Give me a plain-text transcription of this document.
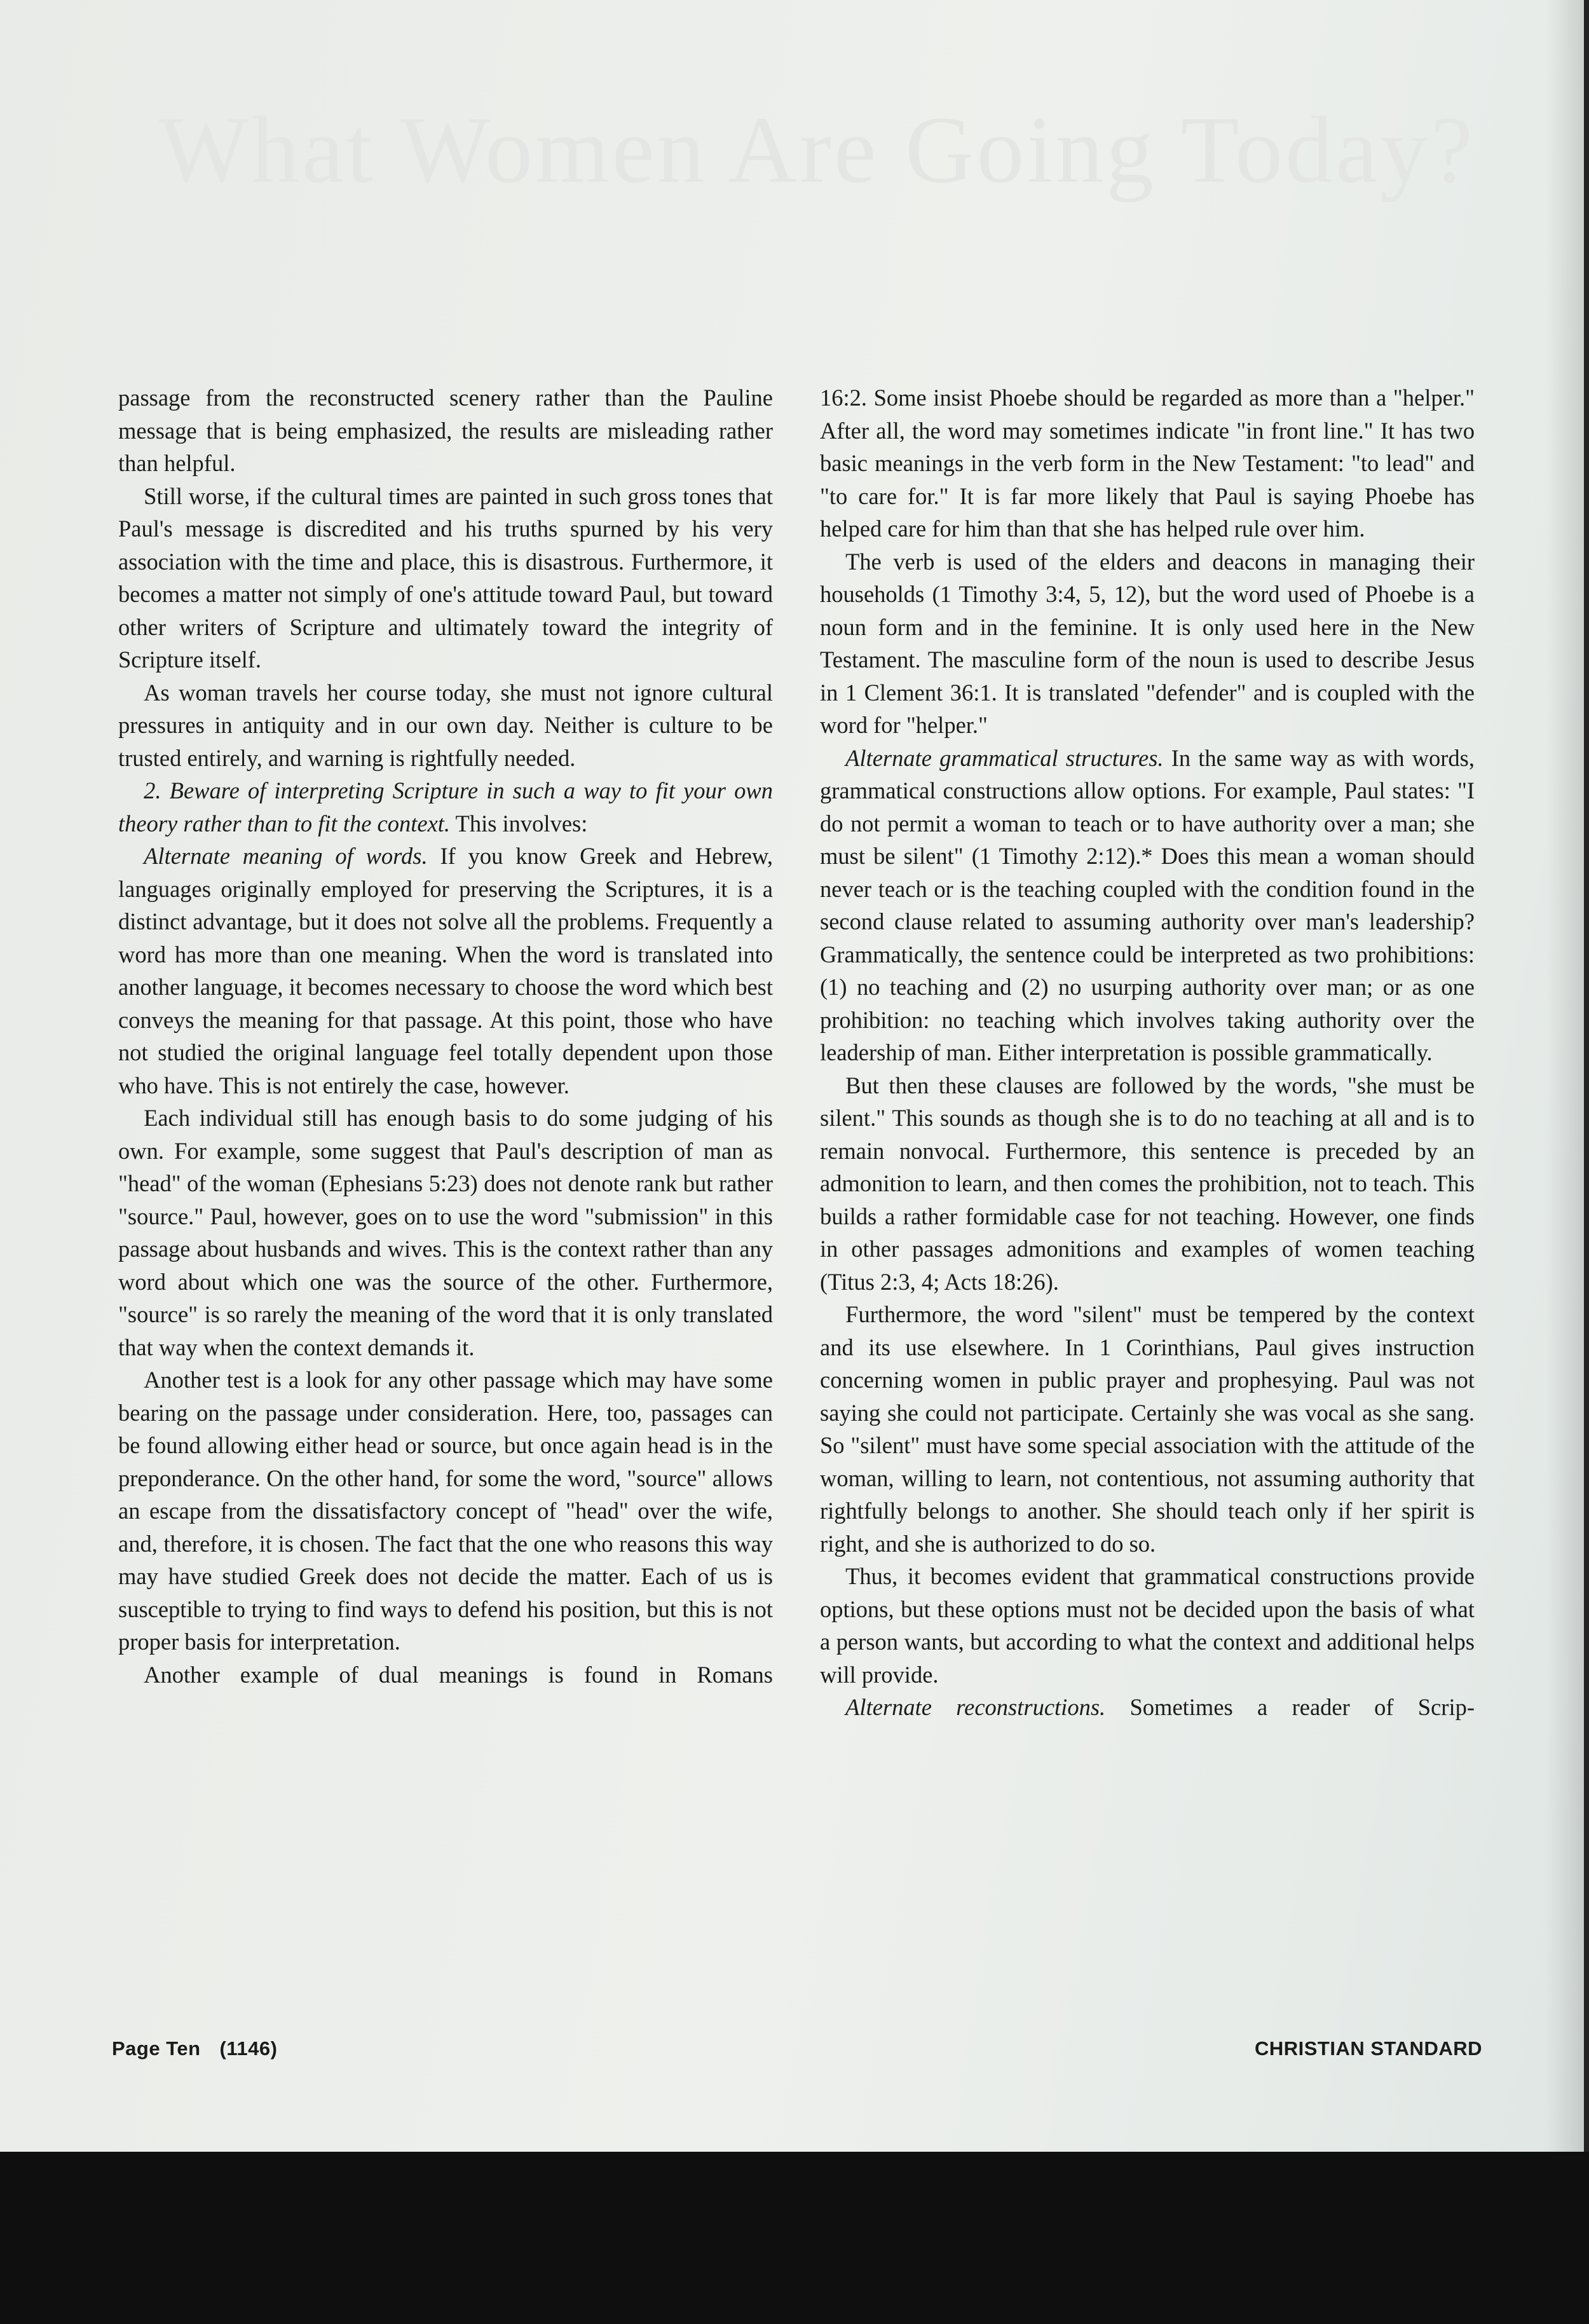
What Women Are Going Today?

passage from the reconstructed scenery rather than the Pauline message that is being emphasized, the results are misleading rather than helpful.

Still worse, if the cultural times are painted in such gross tones that Paul's message is discredited and his truths spurned by his very association with the time and place, this is disastrous. Furthermore, it becomes a matter not simply of one's attitude toward Paul, but toward other writers of Scripture and ultimately toward the integrity of Scripture itself.

As woman travels her course today, she must not ignore cultural pressures in antiquity and in our own day. Neither is culture to be trusted entirely, and warning is rightfully needed.

2. Beware of interpreting Scripture in such a way to fit your own theory rather than to fit the context. This involves:

Alternate meaning of words. If you know Greek and Hebrew, languages originally employed for preserving the Scriptures, it is a distinct advantage, but it does not solve all the problems. Frequently a word has more than one meaning. When the word is translated into another language, it becomes necessary to choose the word which best conveys the meaning for that passage. At this point, those who have not studied the original language feel totally dependent upon those who have. This is not entirely the case, however.

Each individual still has enough basis to do some judging of his own. For example, some suggest that Paul's description of man as "head" of the woman (Ephesians 5:23) does not denote rank but rather "source." Paul, however, goes on to use the word "submission" in this passage about husbands and wives. This is the context rather than any word about which one was the source of the other. Furthermore, "source" is so rarely the meaning of the word that it is only translated that way when the context demands it.

Another test is a look for any other passage which may have some bearing on the passage under consideration. Here, too, passages can be found allowing either head or source, but once again head is in the preponderance. On the other hand, for some the word, "source" allows an escape from the dissatisfactory concept of "head" over the wife, and, therefore, it is chosen. The fact that the one who reasons this way may have studied Greek does not decide the matter. Each of us is susceptible to trying to find ways to defend his position, but this is not proper basis for interpretation.

Another example of dual meanings is found in Romans

16:2. Some insist Phoebe should be regarded as more than a "helper." After all, the word may sometimes indicate "in front line." It has two basic meanings in the verb form in the New Testament: "to lead" and "to care for." It is far more likely that Paul is saying Phoebe has helped care for him than that she has helped rule over him.

The verb is used of the elders and deacons in managing their households (1 Timothy 3:4, 5, 12), but the word used of Phoebe is a noun form and in the feminine. It is only used here in the New Testament. The masculine form of the noun is used to describe Jesus in 1 Clement 36:1. It is translated "defender" and is coupled with the word for "helper."

Alternate grammatical structures. In the same way as with words, grammatical constructions allow options. For example, Paul states: "I do not permit a woman to teach or to have authority over a man; she must be silent" (1 Timothy 2:12).* Does this mean a woman should never teach or is the teaching coupled with the condition found in the second clause related to assuming authority over man's leadership? Grammatically, the sentence could be interpreted as two prohibitions: (1) no teaching and (2) no usurping authority over man; or as one prohibition: no teaching which involves taking authority over the leadership of man. Either interpretation is possible grammatically.

But then these clauses are followed by the words, "she must be silent." This sounds as though she is to do no teaching at all and is to remain nonvocal. Furthermore, this sentence is preceded by an admonition to learn, and then comes the prohibition, not to teach. This builds a rather formidable case for not teaching. However, one finds in other passages admonitions and examples of women teaching (Titus 2:3, 4; Acts 18:26).

Furthermore, the word "silent" must be tempered by the context and its use elsewhere. In 1 Corinthians, Paul gives instruction concerning women in public prayer and prophesying. Paul was not saying she could not participate. Certainly she was vocal as she sang. So "silent" must have some special association with the attitude of the woman, willing to learn, not contentious, not assuming authority that rightfully belongs to another. She should teach only if her spirit is right, and she is authorized to do so.

Thus, it becomes evident that grammatical constructions provide options, but these options must not be decided upon the basis of what a person wants, but according to what the context and additional helps will provide.

Alternate reconstructions. Sometimes a reader of Scrip-

Page Ten (1146)	CHRISTIAN STANDARD
